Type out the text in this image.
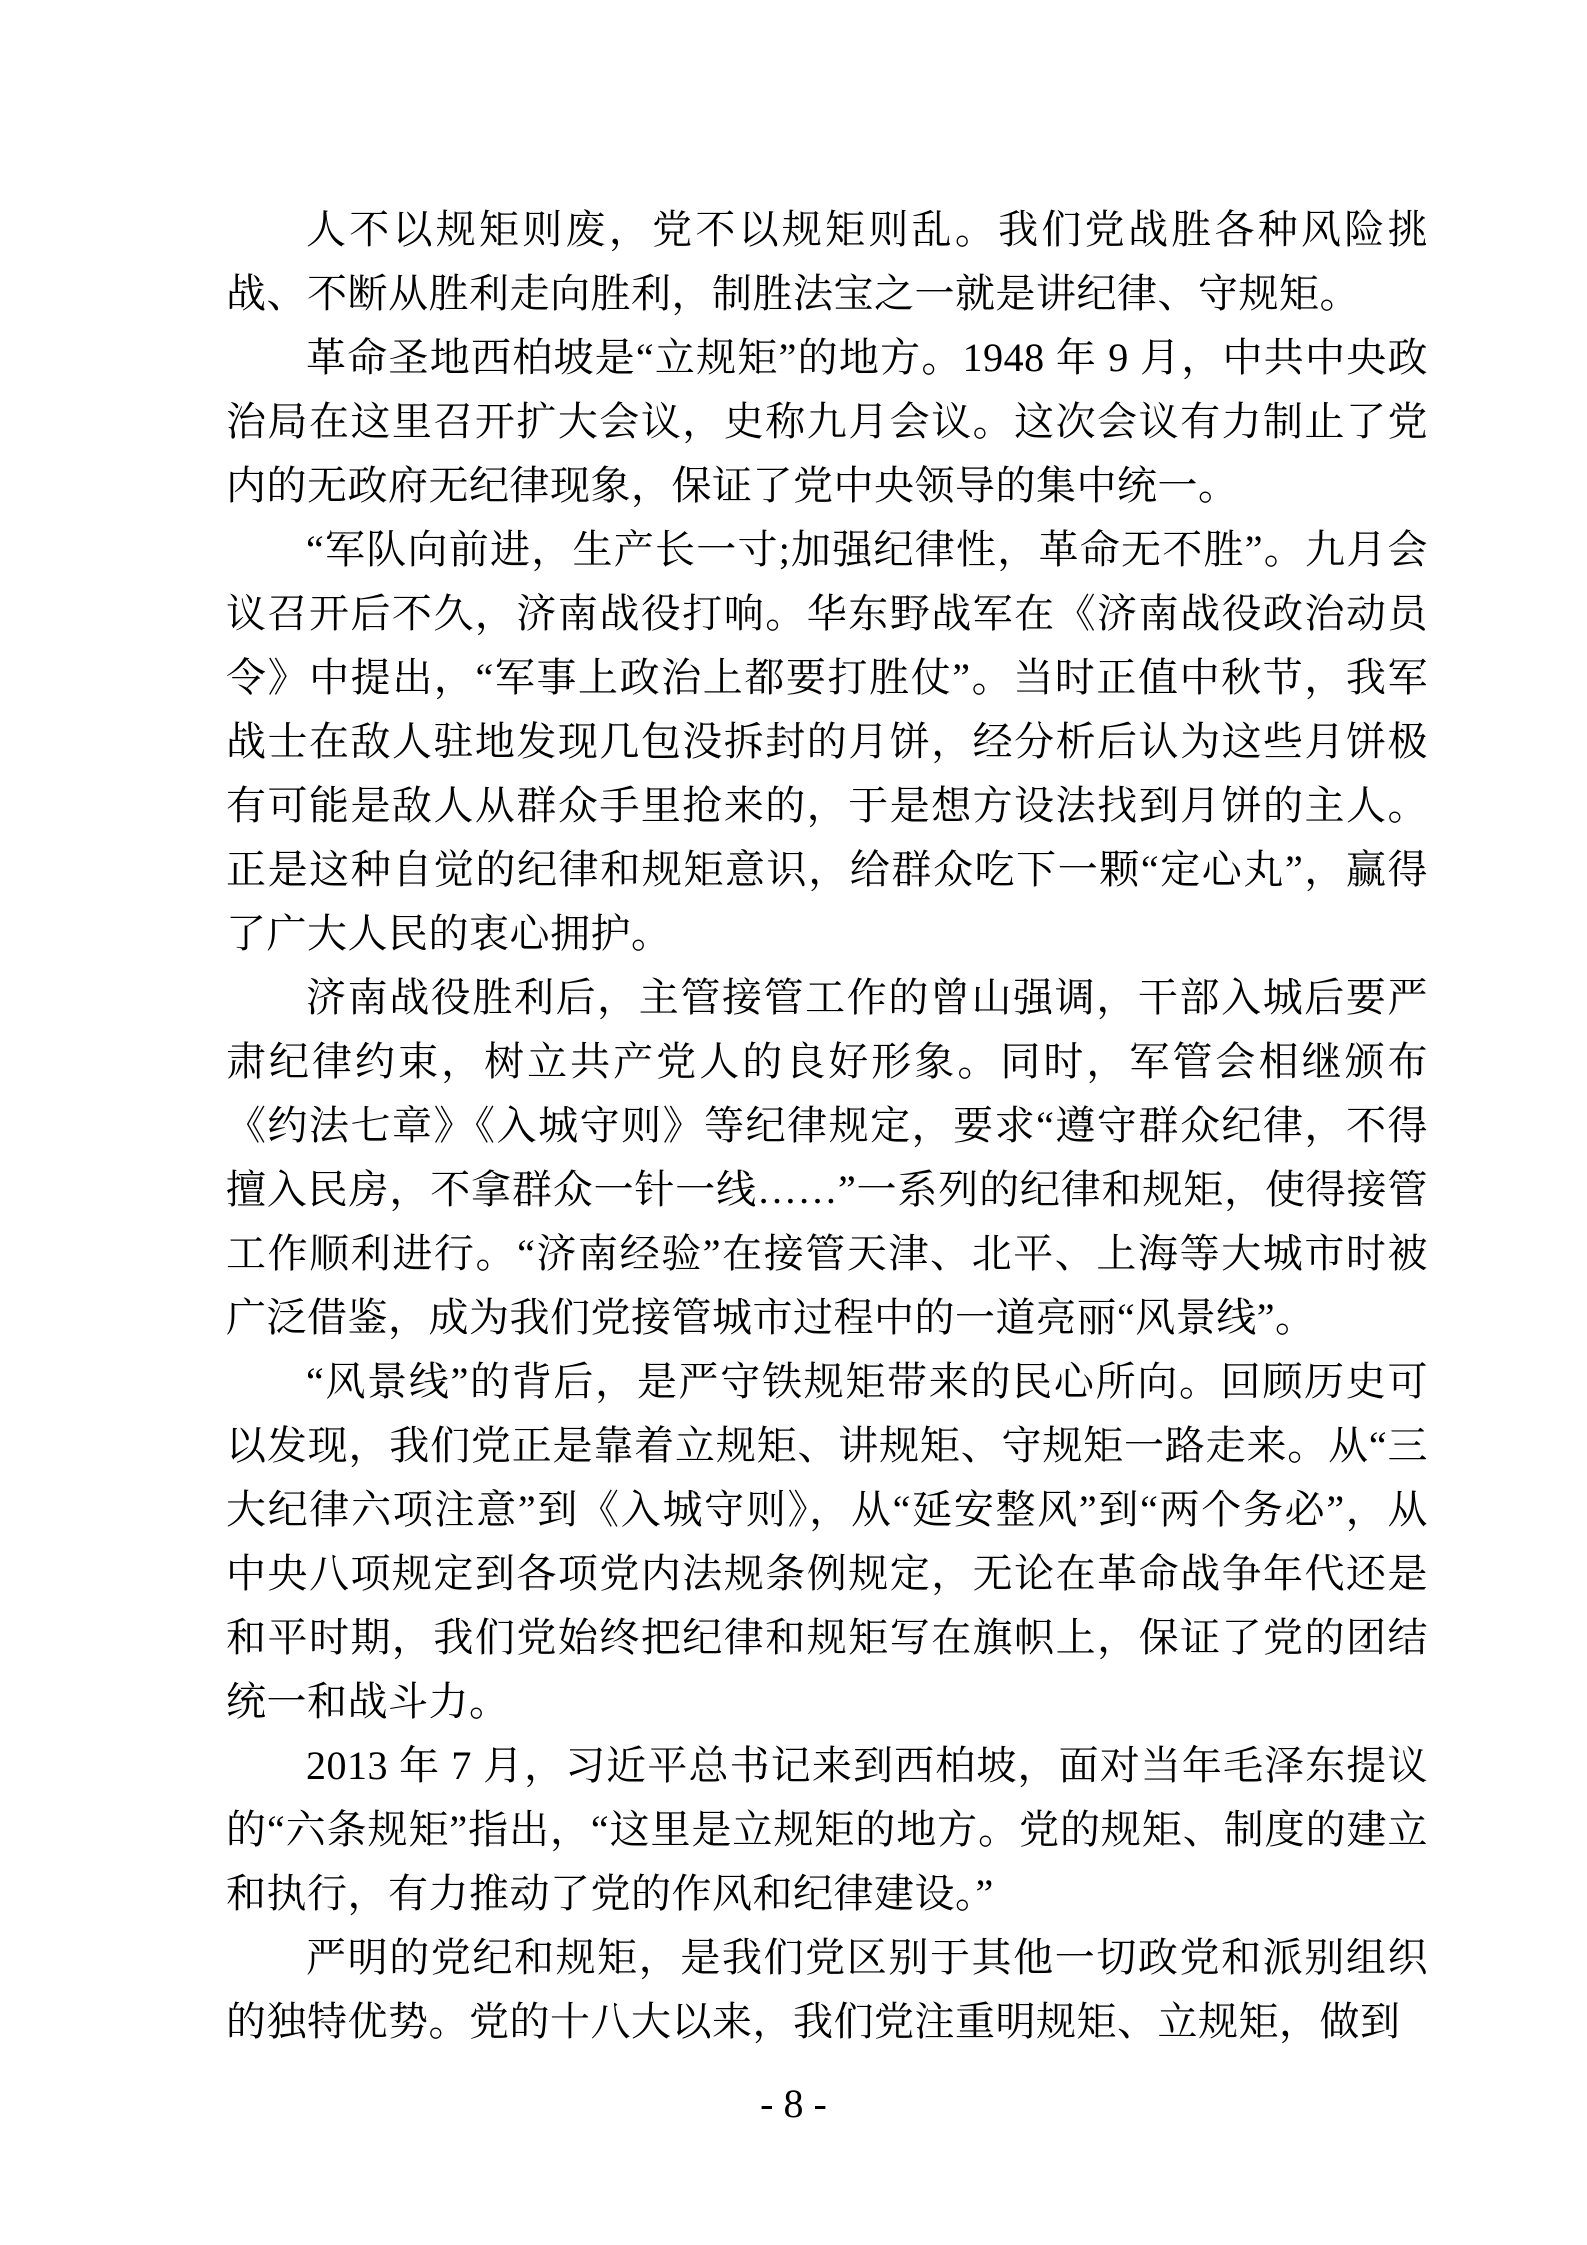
人不以规矩则废，党不以规矩则乱。我们党战胜各种风险挑战、不断从胜利走向胜利，制胜法宝之一就是讲纪律、守规矩。

革命圣地西柏坡是“立规矩”的地方。1948 年 9 月，中共中央政治局在这里召开扩大会议，史称九月会议。这次会议有力制止了党内的无政府无纪律现象，保证了党中央领导的集中统一。

“军队向前进，生产长一寸;加强纪律性，革命无不胜”。九月会议召开后不久，济南战役打响。华东野战军在《济南战役政治动员令》中提出，“军事上政治上都要打胜仗”。当时正值中秋节，我军战士在敌人驻地发现几包没拆封的月饼，经分析后认为这些月饼极有可能是敌人从群众手里抢来的，于是想方设法找到月饼的主人。正是这种自觉的纪律和规矩意识，给群众吃下一颗“定心丸”，赢得了广大人民的衷心拥护。

济南战役胜利后，主管接管工作的曾山强调，干部入城后要严肃纪律约束，树立共产党人的良好形象。同时，军管会相继颁布《约法七章》《入城守则》等纪律规定，要求“遵守群众纪律，不得擅入民房，不拿群众一针一线……”一系列的纪律和规矩，使得接管工作顺利进行。“济南经验”在接管天津、北平、上海等大城市时被广泛借鉴，成为我们党接管城市过程中的一道亮丽“风景线”。

“风景线”的背后，是严守铁规矩带来的民心所向。回顾历史可以发现，我们党正是靠着立规矩、讲规矩、守规矩一路走来。从“三大纪律六项注意”到《入城守则》，从“延安整风”到“两个务必”，从中央八项规定到各项党内法规条例规定，无论在革命战争年代还是和平时期，我们党始终把纪律和规矩写在旗帜上，保证了党的团结统一和战斗力。

2013 年 7 月，习近平总书记来到西柏坡，面对当年毛泽东提议的“六条规矩”指出，“这里是立规矩的地方。党的规矩、制度的建立和执行，有力推动了党的作风和纪律建设。”

严明的党纪和规矩，是我们党区别于其他一切政党和派别组织的独特优势。党的十八大以来，我们党注重明规矩、立规矩，做到

- 8 -
